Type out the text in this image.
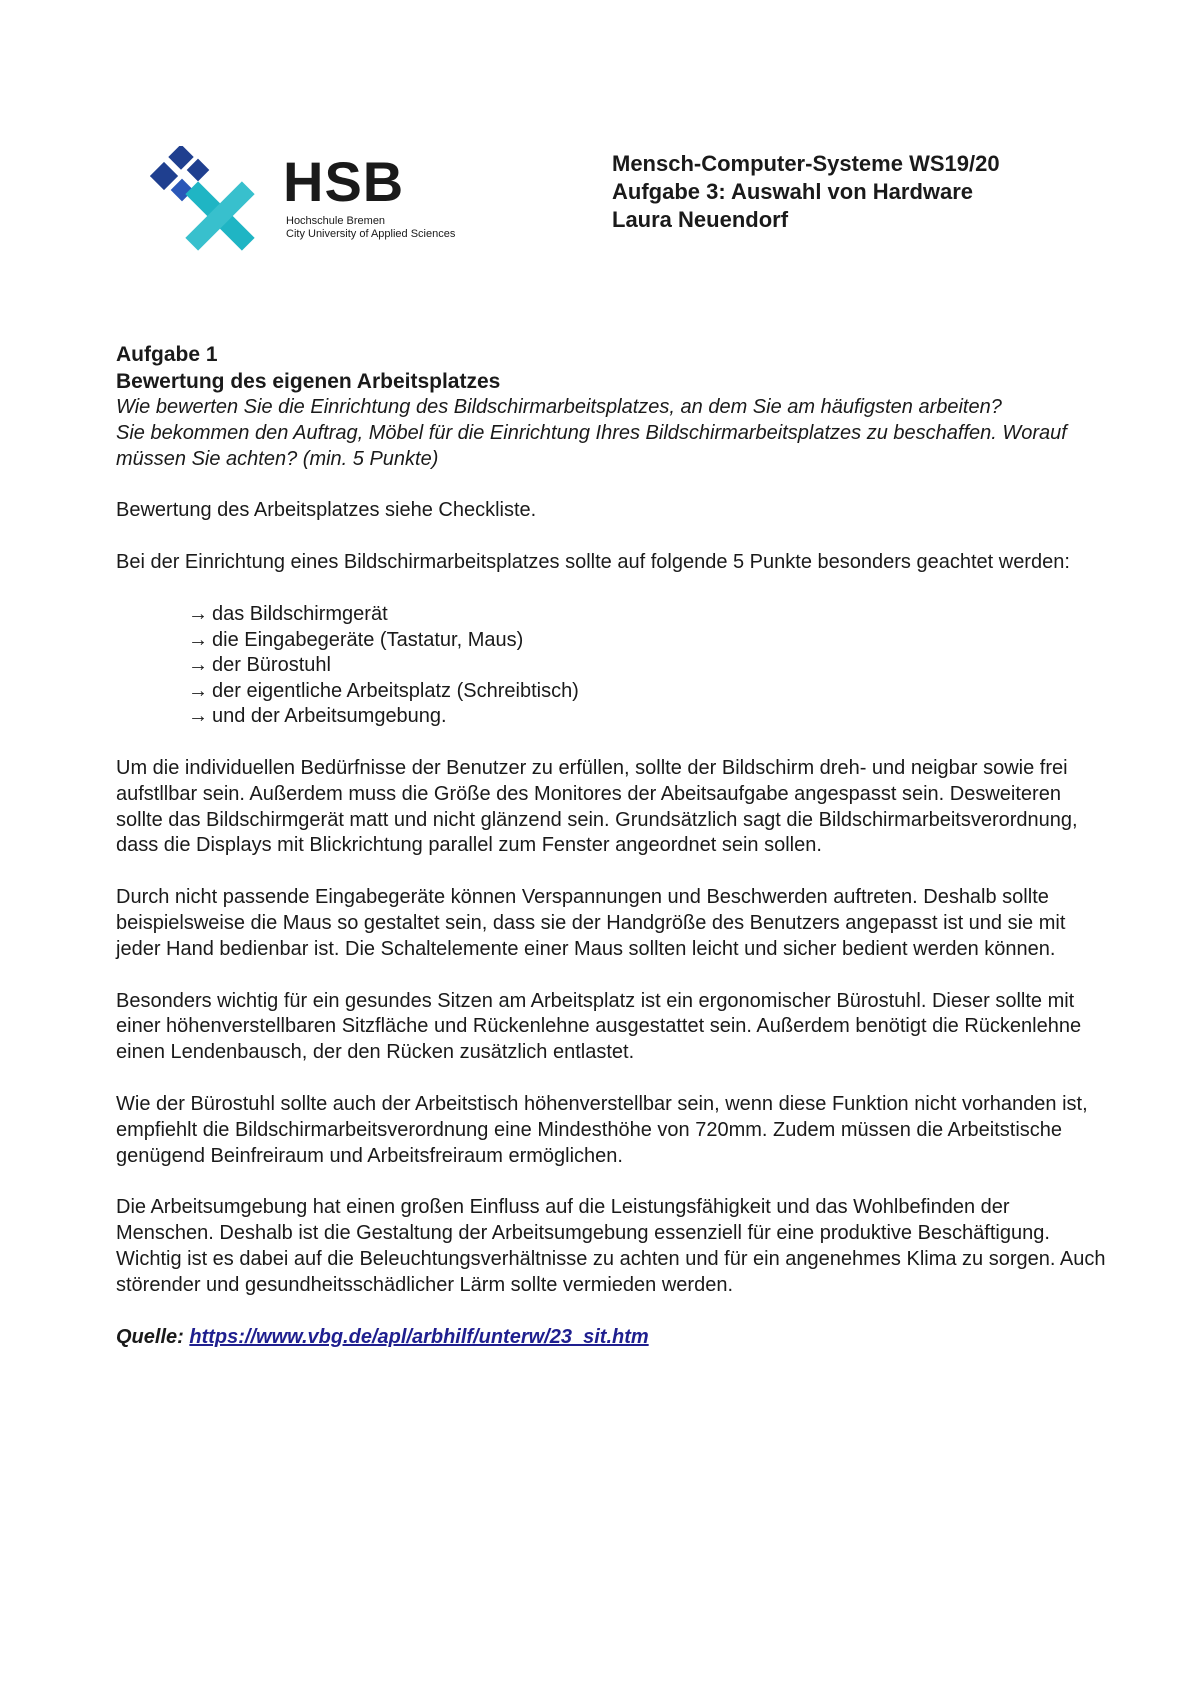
HSB
Hochschule Bremen
City University of Applied Sciences
Mensch-Computer-Systeme WS19/20
Aufgabe 3: Auswahl von Hardware
Laura Neuendorf
Aufgabe 1
Bewertung des eigenen Arbeitsplatzes

Wie bewerten Sie die Einrichtung des Bildschirmarbeitsplatzes, an dem Sie am häufigsten arbeiten?

Sie bekommen den Auftrag, Möbel für die Einrichtung Ihres Bildschirmarbeitsplatzes zu beschaffen. Worauf müssen Sie achten? (min. 5 Punkte)

Bewertung des Arbeitsplatzes siehe Checkliste.

Bei der Einrichtung eines Bildschirmarbeitsplatzes sollte auf folgende 5 Punkte besonders geachtet werden:

→ das Bildschirmgerät
→ die Eingabegeräte (Tastatur, Maus)
→ der Bürostuhl
→ der eigentliche Arbeitsplatz (Schreibtisch)
→ und der Arbeitsumgebung.

Um die individuellen Bedürfnisse der Benutzer zu erfüllen, sollte der Bildschirm dreh- und neigbar sowie frei aufstllbar sein. Außerdem muss die Größe des Monitores der Abeitsaufgabe angespasst sein. Desweiteren sollte das Bildschirmgerät matt und nicht glänzend sein. Grundsätzlich sagt die Bildschirmarbeitsverordnung, dass die Displays mit Blickrichtung parallel zum Fenster angeordnet sein sollen.

Durch nicht passende Eingabegeräte können Verspannungen und Beschwerden auftreten. Deshalb sollte beispielsweise die Maus so gestaltet sein, dass sie der Handgröße des Benutzers angepasst ist und sie mit jeder Hand bedienbar ist. Die Schaltelemente einer Maus sollten leicht und sicher bedient werden können.

Besonders wichtig für ein gesundes Sitzen am Arbeitsplatz ist ein ergonomischer Bürostuhl. Dieser sollte mit einer höhenverstellbaren Sitzfläche und Rückenlehne ausgestattet sein. Außerdem benötigt die Rückenlehne einen Lendenbausch, der den Rücken zusätzlich entlastet.

Wie der Bürostuhl sollte auch der Arbeitstisch höhenverstellbar sein, wenn diese Funktion nicht vorhanden ist, empfiehlt die Bildschirmarbeitsverordnung eine Mindesthöhe von 720mm. Zudem müssen die Arbeitstische genügend Beinfreiraum und Arbeitsfreiraum ermöglichen.

Die Arbeitsumgebung hat einen großen Einfluss auf die Leistungsfähigkeit und das Wohlbefinden der Menschen. Deshalb ist die Gestaltung der Arbeitsumgebung essenziell für eine produktive Beschäftigung. Wichtig ist es dabei auf die Beleuchtungsverhältnisse zu achten und für ein angenehmes Klima zu sorgen. Auch störender und gesundheitsschädlicher Lärm sollte vermieden werden.

Quelle: https://www.vbg.de/apl/arbhilf/unterw/23_sit.htm
